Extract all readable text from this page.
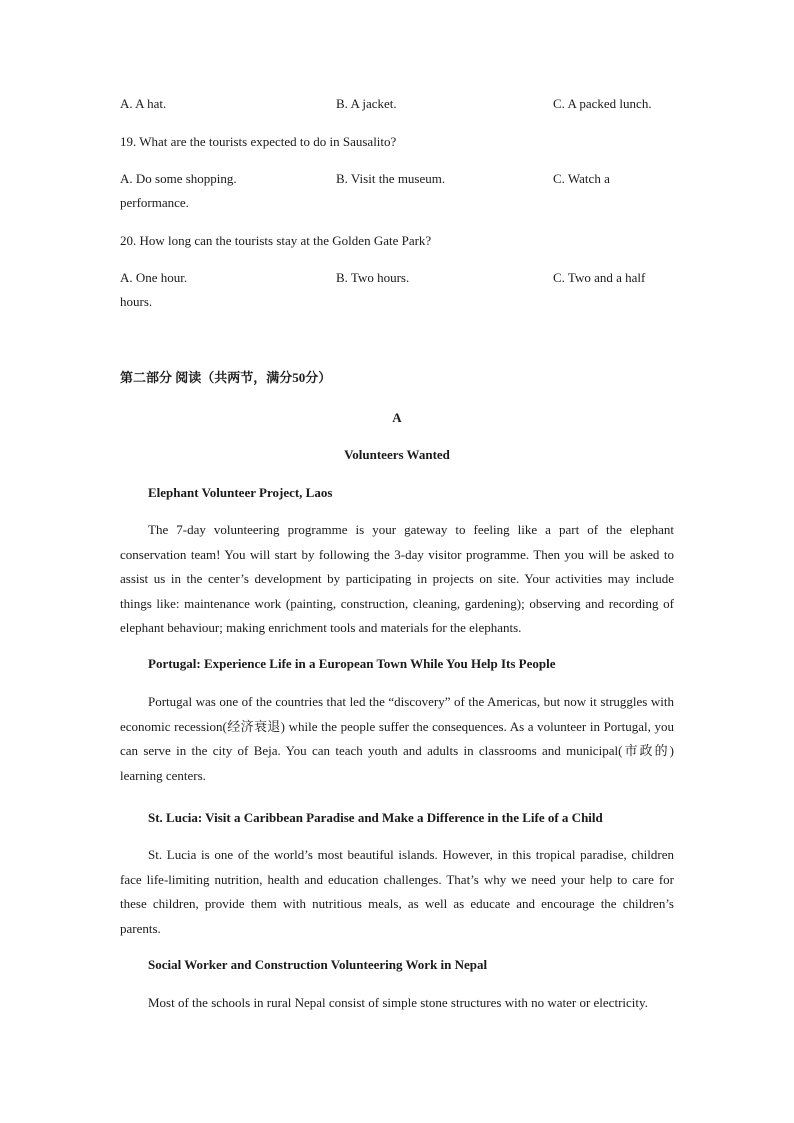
A. A hat.	B. A jacket.	C. A packed lunch.
19. What are the tourists expected to do in Sausalito?
A. Do some shopping.	B. Visit the museum.	C. Watch a
performance.
20. How long can the tourists stay at the Golden Gate Park?
A. One hour.	B. Two hours.	C. Two and a half
hours.
第二部分 阅读（共两节，满分50分）
A
Volunteers Wanted
Elephant Volunteer Project, Laos

The 7-day volunteering programme is your gateway to feeling like a part of the elephant conservation team! You will start by following the 3-day visitor programme. Then you will be asked to assist us in the center’s development by participating in projects on site. Your activities may include things like: maintenance work (painting, construction, cleaning, gardening); observing and recording of elephant behaviour; making enrichment tools and materials for the elephants.

Portugal: Experience Life in a European Town While You Help Its People

Portugal was one of the countries that led the “discovery” of the Americas, but now it struggles with economic recession(经济衰退) while the people suffer the consequences. As a volunteer in Portugal, you can serve in the city of Beja. You can teach youth and adults in classrooms and municipal(市政的) learning centers.

St. Lucia: Visit a Caribbean Paradise and Make a Difference in the Life of a Child

St. Lucia is one of the world’s most beautiful islands. However, in this tropical paradise, children face life-limiting nutrition, health and education challenges. That’s why we need your help to care for these children, provide them with nutritious meals, as well as educate and encourage the children’s parents.

Social Worker and Construction Volunteering Work in Nepal

Most of the schools in rural Nepal consist of simple stone structures with no water or electricity.
